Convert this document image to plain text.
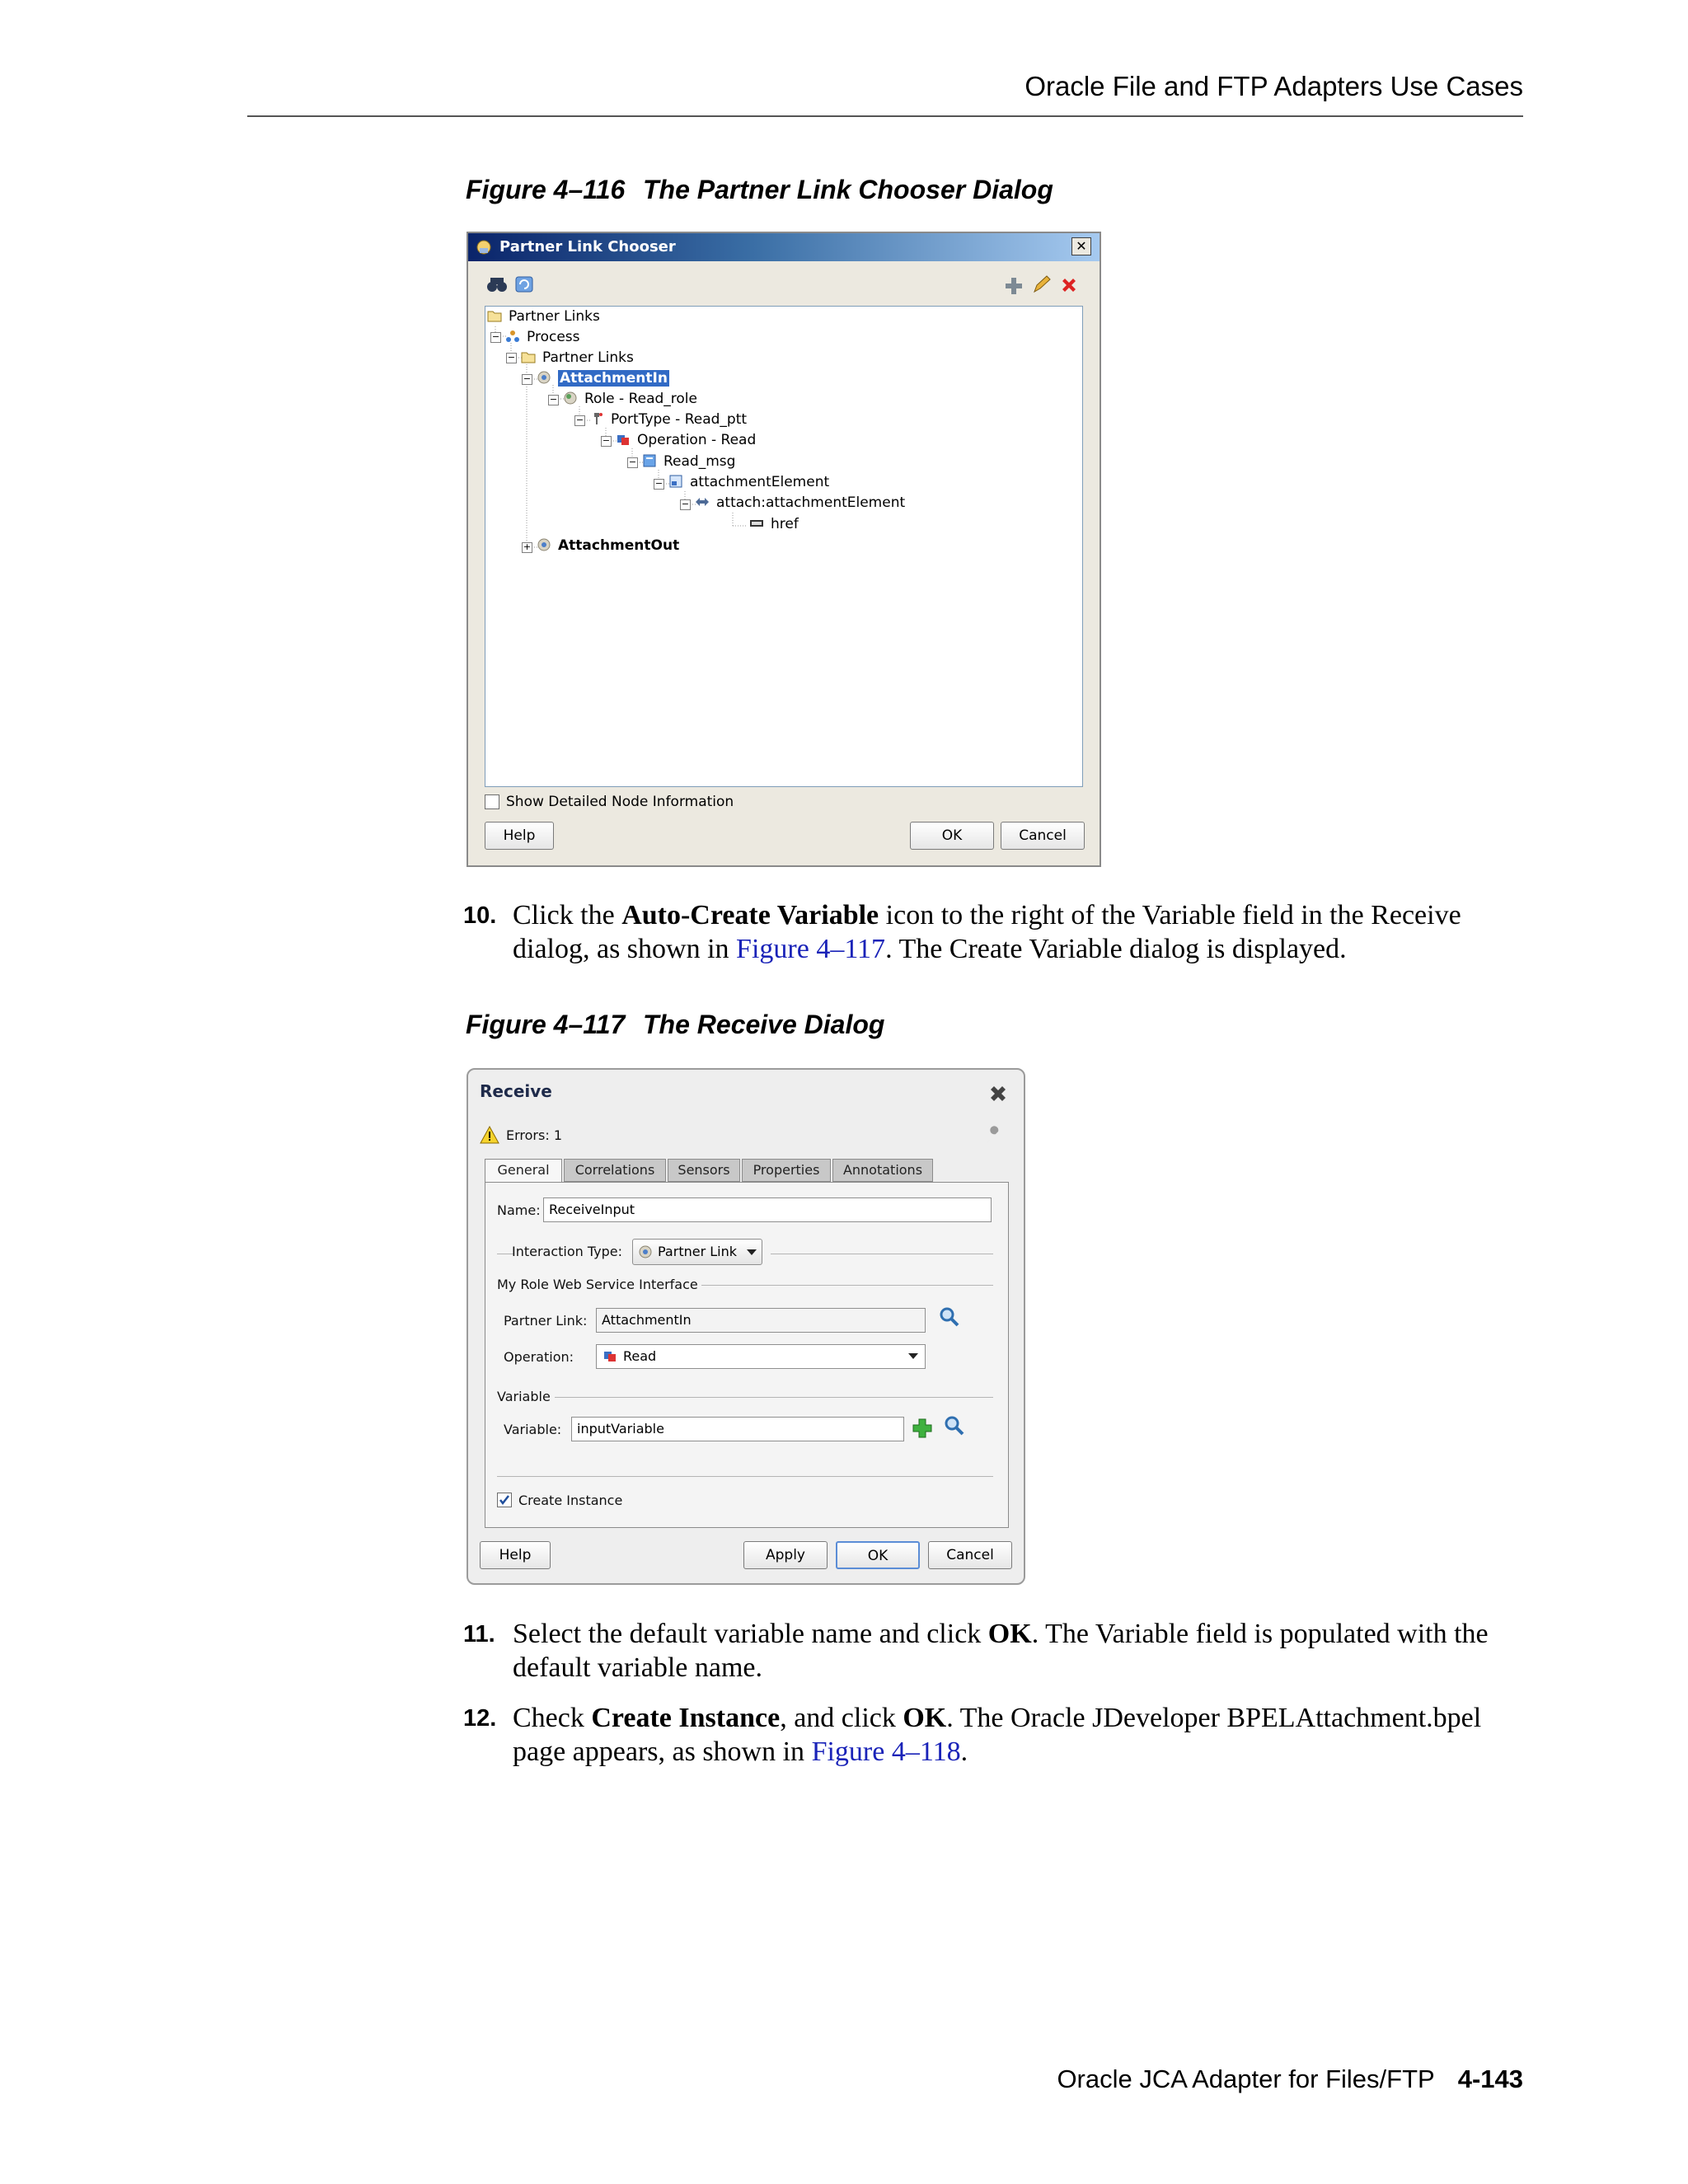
Oracle File and FTP Adapters Use Cases
Figure 4–116 The Partner Link Chooser Dialog
Partner Link Chooser	✕
Partner Links
−	Process
−	Partner Links
−	AttachmentIn
−	Role - Read_role
−	PortType - Read_ptt
−	Operation - Read
−	Read_msg
−	attachmentElement
−	attach:attachmentElement
href
+	AttachmentOut
Show Detailed Node Information
Help	OK	Cancel
10. Click the Auto-Create Variable icon to the right of the Variable field in the Receive dialog, as shown in Figure 4–117. The Create Variable dialog is displayed.
Figure 4–117 The Receive Dialog
Receive
Errors: 1
General	Correlations	Sensors	Properties	Annotations
Name: ReceiveInput
Interaction Type:	Partner Link
My Role Web Service Interface
Partner Link:	AttachmentIn
Operation:	Read
Variable
Variable:	inputVariable
Create Instance
Help	Apply	OK	Cancel
11. Select the default variable name and click OK. The Variable field is populated with the default variable name.
12. Check Create Instance, and click OK. The Oracle JDeveloper BPELAttachment.bpel page appears, as shown in Figure 4–118.
Oracle JCA Adapter for Files/FTP 4-143
